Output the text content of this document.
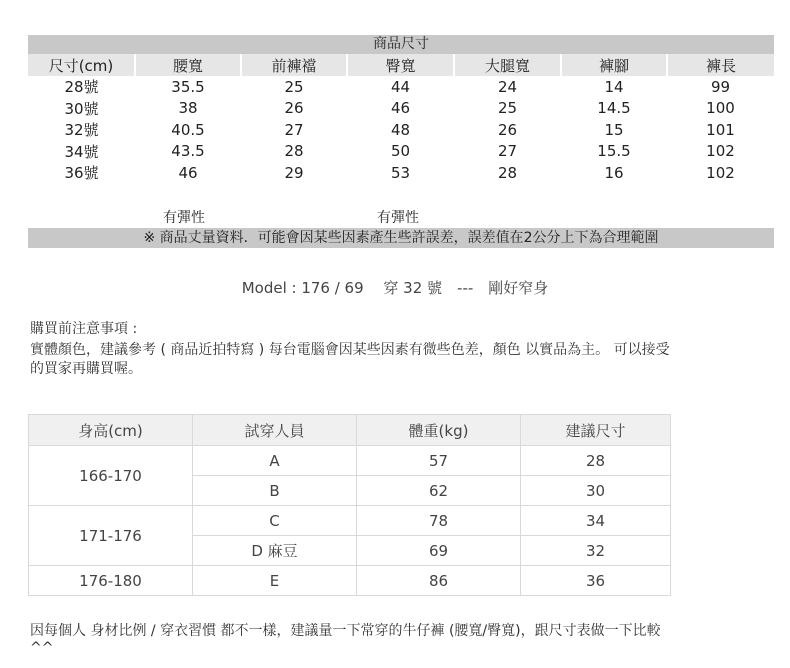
商品尺寸
尺寸(cm)	腰寬	前褲襠	臀寬	大腿寬	褲腳	褲長
28號	35.5	25	44	24	14	99
30號	38	26	46	25	14.5	100
32號	40.5	27	48	26	15	101
34號	43.5	28	50	27	15.5	102
36號	46	29	53	28	16	102
有彈性	有彈性
※ 商品丈量資料．可能會因某些因素產生些許誤差，誤差值在2公分上下為合理範圍
Model : 176 / 69　 穿 32 號　---　剛好窄身
購買前注意事項 :
實體顏色，建議參考 ( 商品近拍特寫 ) 每台電腦會因某些因素有微些色差，顏色 以實品為主。 可以接受
的買家再購買喔。
身高(cm)	試穿人員	體重(kg)	建議尺寸
166-170	A	57	28
	B	62	30
171-176	C	78	34
	D 麻豆	69	32
176-180	E	86	36
因每個人 身材比例 / 穿衣習慣 都不一樣，建議量一下常穿的牛仔褲 (腰寬/臀寬)，跟尺寸表做一下比較
^^
